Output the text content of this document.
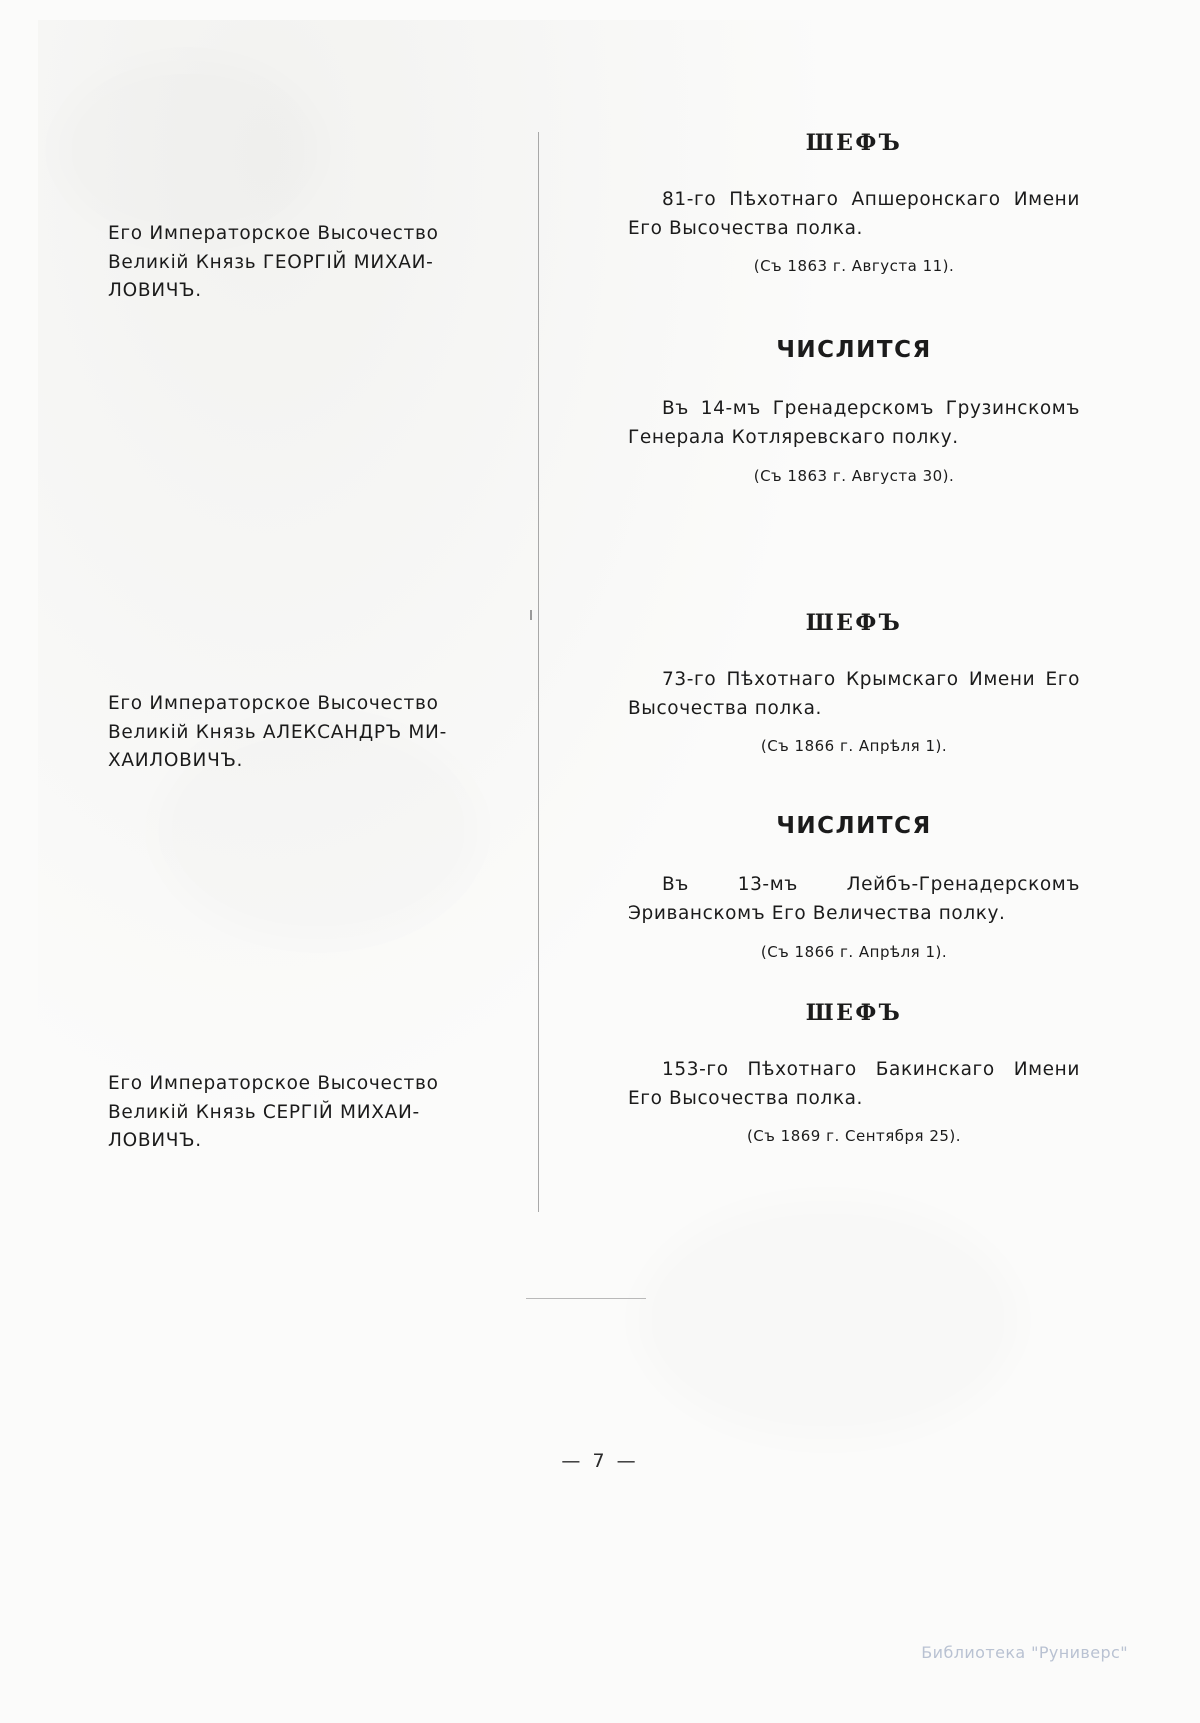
Его Императорское Высочество
Великій Князь ГЕОРГІЙ МИХАИ-
ЛОВИЧЪ.
ШЕФЪ
81-го Пѣхотнаго Апшеронскаго Имени Его Высочества полка.
(Съ 1863 г. Августа 11).
ЧИСЛИТСЯ
Въ 14-мъ Гренадерскомъ Грузинскомъ Генерала Котляревскаго полку.
(Съ 1863 г. Августа 30).
Его Императорское Высочество
Великій Князь АЛЕКСАНДРЪ МИ-
ХАИЛОВИЧЪ.
ШЕФЪ
73-го Пѣхотнаго Крымскаго Имени Его Высочества полка.
(Съ 1866 г. Апрѣля 1).
ЧИСЛИТСЯ
Въ 13-мъ Лейбъ-Гренадерскомъ Эриванскомъ Его Величества полку.
(Съ 1866 г. Апрѣля 1).
Его Императорское Высочество
Великій Князь СЕРГІЙ МИХАИ-
ЛОВИЧЪ.
ШЕФЪ
153-го Пѣхотнаго Бакинскаго Имени Его Высочества полка.
(Съ 1869 г. Сентября 25).
— 7 —
Библиотека "Руниверс"
